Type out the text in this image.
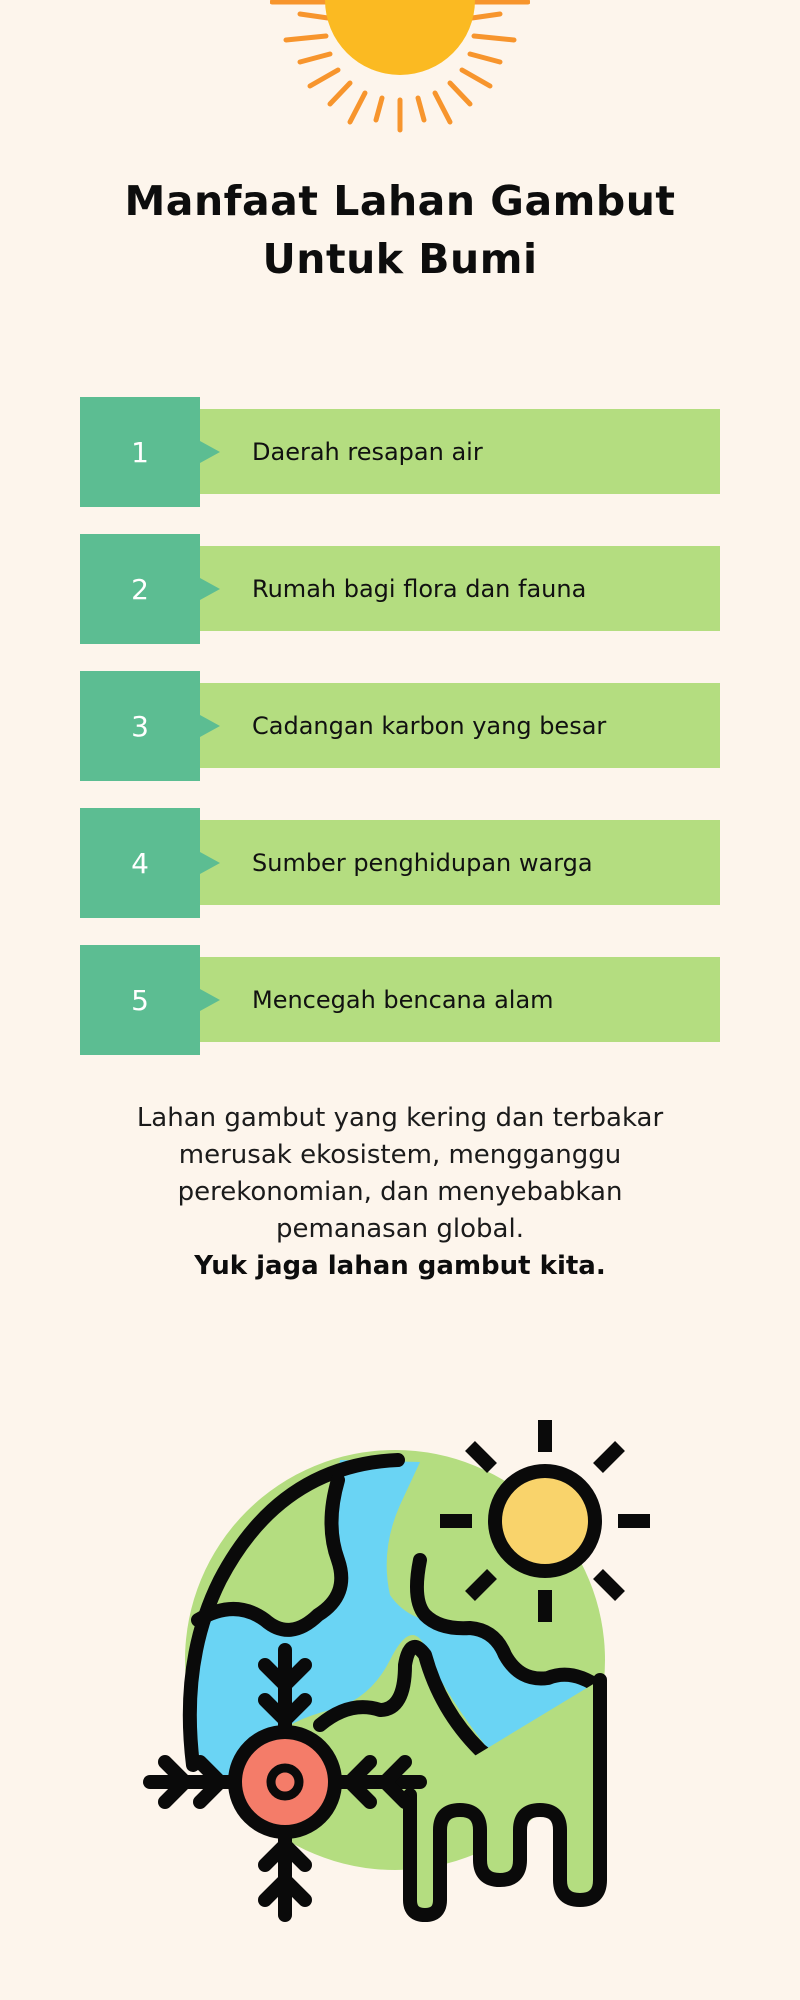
Manfaat Lahan Gambut
Untuk Bumi
1	Daerah resapan air
2	Rumah bagi flora dan fauna
3	Cadangan karbon yang besar
4	Sumber penghidupan warga
5	Mencegah bencana alam
Lahan gambut yang kering dan terbakar
merusak ekosistem, mengganggu
perekonomian, dan menyebabkan
pemanasan global.
Yuk jaga lahan gambut kita.
